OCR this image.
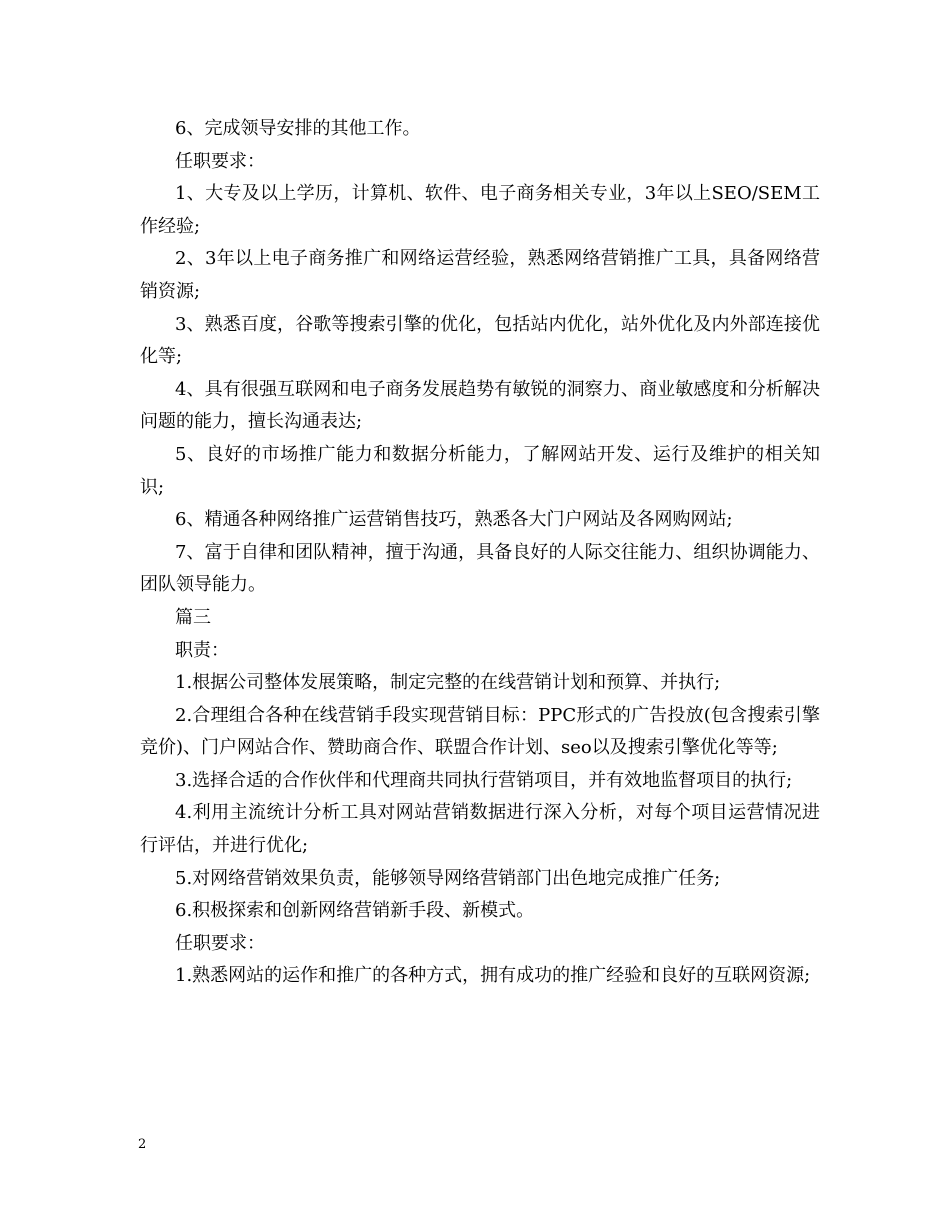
6、完成领导安排的其他工作。

任职要求：

1、大专及以上学历，计算机、软件、电子商务相关专业，3年以上SEO/SEM工作经验;

2、3年以上电子商务推广和网络运营经验，熟悉网络营销推广工具，具备网络营销资源;

3、熟悉百度，谷歌等搜索引擎的优化，包括站内优化，站外优化及内外部连接优化等;

4、具有很强互联网和电子商务发展趋势有敏锐的洞察力、商业敏感度和分析解决问题的能力，擅长沟通表达;

5、良好的市场推广能力和数据分析能力，了解网站开发、运行及维护的相关知识;

6、精通各种网络推广运营销售技巧，熟悉各大门户网站及各网购网站;

7、富于自律和团队精神，擅于沟通，具备良好的人际交往能力、组织协调能力、团队领导能力。

篇三

职责：

1.根据公司整体发展策略，制定完整的在线营销计划和预算、并执行;

2.合理组合各种在线营销手段实现营销目标：PPC形式的广告投放(包含搜索引擎竞价)、门户网站合作、赞助商合作、联盟合作计划、seo以及搜索引擎优化等等;

3.选择合适的合作伙伴和代理商共同执行营销项目，并有效地监督项目的执行;

4.利用主流统计分析工具对网站营销数据进行深入分析，对每个项目运营情况进行评估，并进行优化;

5.对网络营销效果负责，能够领导网络营销部门出色地完成推广任务;

6.积极探索和创新网络营销新手段、新模式。

任职要求：

1.熟悉网站的运作和推广的各种方式，拥有成功的推广经验和良好的互联网资源;

2
